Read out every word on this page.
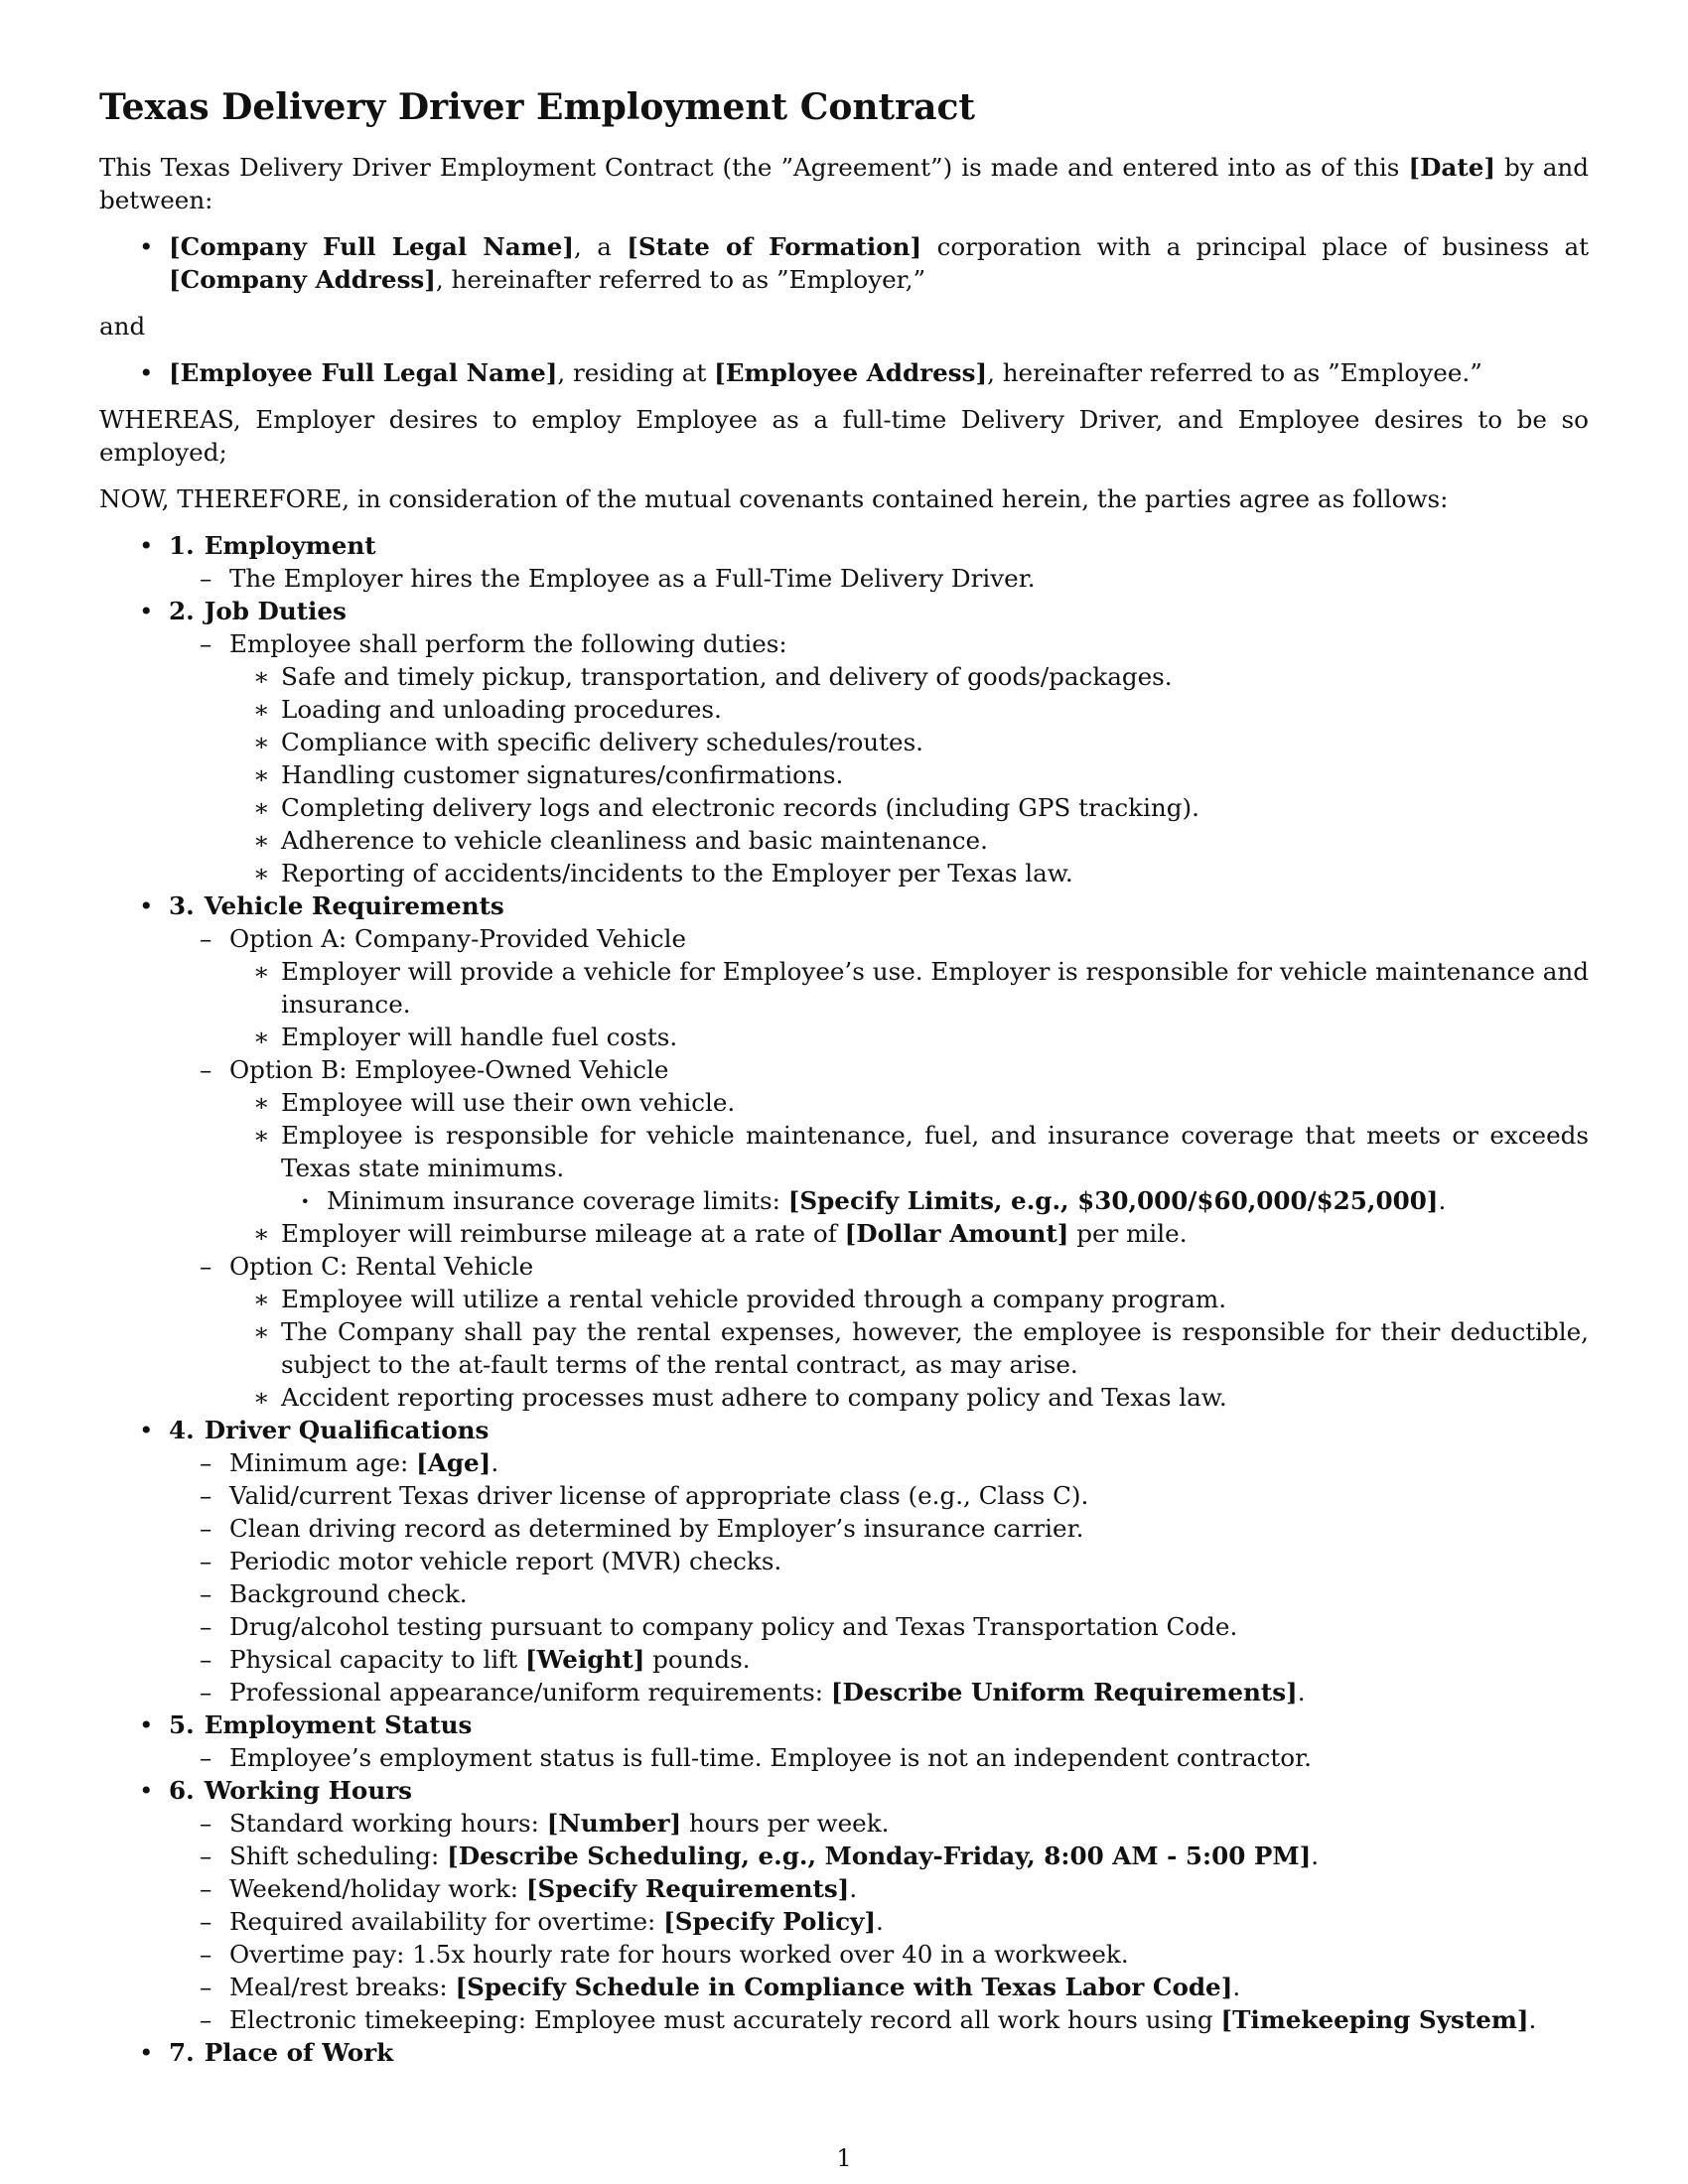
Texas Delivery Driver Employment Contract

This Texas Delivery Driver Employment Contract (the ”Agreement”) is made and entered into as of this [Date] by and between:

• [Company Full Legal Name], a [State of Formation] corporation with a principal place of business at [Company Address], hereinafter referred to as ”Employer,”

and

• [Employee Full Legal Name], residing at [Employee Address], hereinafter referred to as ”Employee.”

WHEREAS, Employer desires to employ Employee as a full-time Delivery Driver, and Employee desires to be so employed;

NOW, THEREFORE, in consideration of the mutual covenants contained herein, the parties agree as follows:

• 1. Employment
– The Employer hires the Employee as a Full-Time Delivery Driver.
• 2. Job Duties
– Employee shall perform the following duties:
∗ Safe and timely pickup, transportation, and delivery of goods/packages.
∗ Loading and unloading procedures.
∗ Compliance with specific delivery schedules/routes.
∗ Handling customer signatures/confirmations.
∗ Completing delivery logs and electronic records (including GPS tracking).
∗ Adherence to vehicle cleanliness and basic maintenance.
∗ Reporting of accidents/incidents to the Employer per Texas law.
• 3. Vehicle Requirements
– Option A: Company-Provided Vehicle
∗ Employer will provide a vehicle for Employee’s use. Employer is responsible for vehicle maintenance and insurance.
∗ Employer will handle fuel costs.
– Option B: Employee-Owned Vehicle
∗ Employee will use their own vehicle.
∗ Employee is responsible for vehicle maintenance, fuel, and insurance coverage that meets or exceeds Texas state minimums.
· Minimum insurance coverage limits: [Specify Limits, e.g., $30,000/$60,000/$25,000].
∗ Employer will reimburse mileage at a rate of [Dollar Amount] per mile.
– Option C: Rental Vehicle
∗ Employee will utilize a rental vehicle provided through a company program.
∗ The Company shall pay the rental expenses, however, the employee is responsible for their deductible, subject to the at-fault terms of the rental contract, as may arise.
∗ Accident reporting processes must adhere to company policy and Texas law.
• 4. Driver Qualifications
– Minimum age: [Age].
– Valid/current Texas driver license of appropriate class (e.g., Class C).
– Clean driving record as determined by Employer’s insurance carrier.
– Periodic motor vehicle report (MVR) checks.
– Background check.
– Drug/alcohol testing pursuant to company policy and Texas Transportation Code.
– Physical capacity to lift [Weight] pounds.
– Professional appearance/uniform requirements: [Describe Uniform Requirements].
• 5. Employment Status
– Employee’s employment status is full-time. Employee is not an independent contractor.
• 6. Working Hours
– Standard working hours: [Number] hours per week.
– Shift scheduling: [Describe Scheduling, e.g., Monday-Friday, 8:00 AM - 5:00 PM].
– Weekend/holiday work: [Specify Requirements].
– Required availability for overtime: [Specify Policy].
– Overtime pay: 1.5x hourly rate for hours worked over 40 in a workweek.
– Meal/rest breaks: [Specify Schedule in Compliance with Texas Labor Code].
– Electronic timekeeping: Employee must accurately record all work hours using [Timekeeping System].
• 7. Place of Work
1
